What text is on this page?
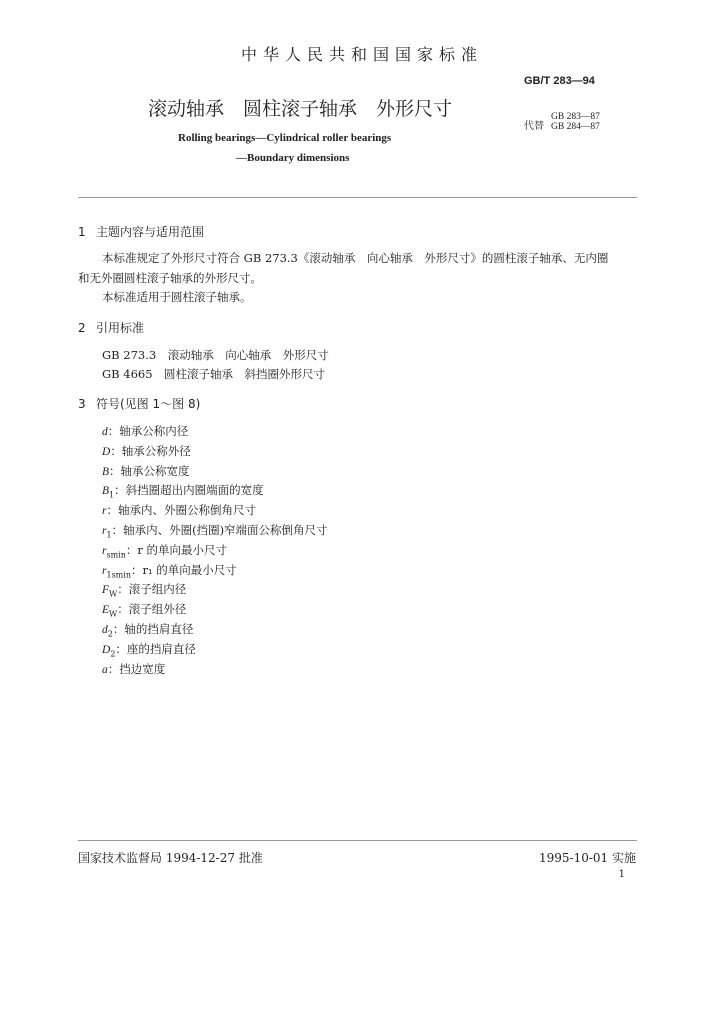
中华人民共和国国家标准
GB/T 283—94
滚动轴承　圆柱滚子轴承　外形尺寸
代替
GB 283—87
GB 284—87
Rolling bearings—Cylindrical roller bearings
—Boundary dimensions
1 主题内容与适用范围
本标准规定了外形尺寸符合 GB 273.3《滚动轴承　向心轴承　外形尺寸》的圆柱滚子轴承、无内圈
和无外圈圆柱滚子轴承的外形尺寸。
本标准适用于圆柱滚子轴承。
2 引用标准
GB 273.3　滚动轴承　向心轴承　外形尺寸
GB 4665　圆柱滚子轴承　斜挡圈外形尺寸
3 符号(见图 1～图 8)
d：轴承公称内径
D：轴承公称外径
B：轴承公称宽度
$B_1$：斜挡圈超出内圈端面的宽度
r：轴承内、外圈公称倒角尺寸
$r_1$：轴承内、外圈(挡圈)窄端面公称倒角尺寸
$r_{smin}$：r 的单向最小尺寸
$r_{1smin}$：r₁ 的单向最小尺寸
$F_W$：滚子组内径
$E_W$：滚子组外径
$d_2$：轴的挡肩直径
$D_2$：座的挡肩直径
a：挡边宽度
国家技术监督局 1994-12-27 批准	1995-10-01 实施
1
